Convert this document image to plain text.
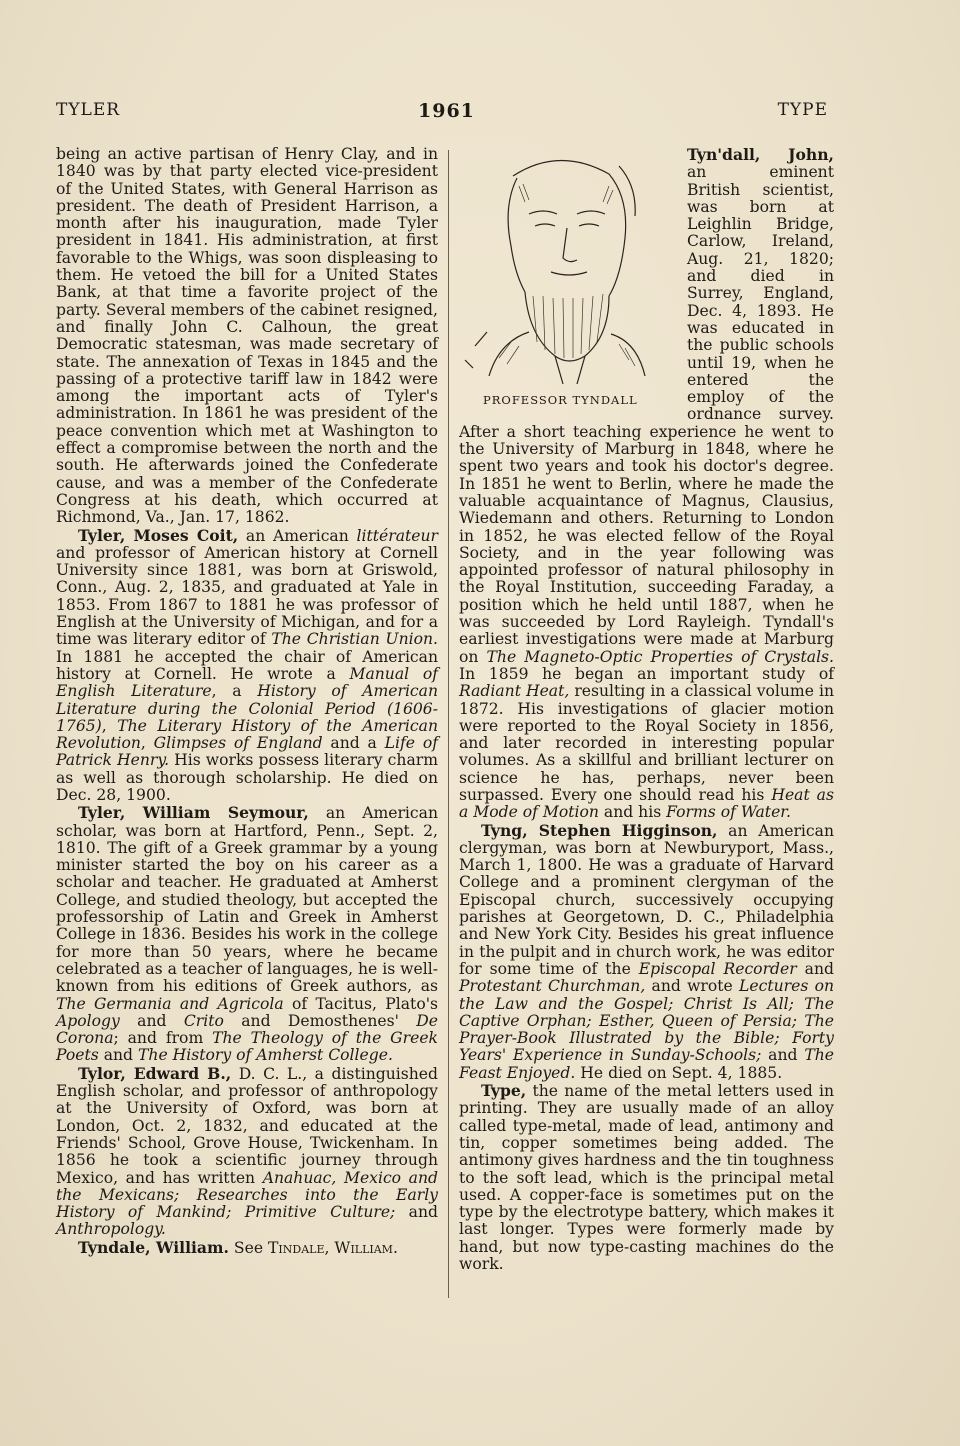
TYLER	1961	TYPE

being an active partisan of Henry Clay, and in 1840 was by that party elected vice-president of the United States, with General Harrison as president. The death of President Harrison, a month after his inauguration, made Tyler president in 1841. His administration, at first favorable to the Whigs, was soon displeasing to them. He vetoed the bill for a United States Bank, at that time a favorite project of the party. Several members of the cabinet resigned, and finally John C. Calhoun, the great Democratic statesman, was made secretary of state. The annexation of Texas in 1845 and the passing of a protective tariff law in 1842 were among the important acts of Tyler's administration. In 1861 he was president of the peace convention which met at Washington to effect a compromise between the north and the south. He afterwards joined the Confederate cause, and was a member of the Confederate Congress at his death, which occurred at Richmond, Va., Jan. 17, 1862.

Tyler, Moses Coit, an American littérateur and professor of American history at Cornell University since 1881, was born at Griswold, Conn., Aug. 2, 1835, and graduated at Yale in 1853. From 1867 to 1881 he was professor of English at the University of Michigan, and for a time was literary editor of The Christian Union. In 1881 he accepted the chair of American history at Cornell. He wrote a Manual of English Literature, a History of American Literature during the Colonial Period (1606-1765), The Literary History of the American Revolution, Glimpses of England and a Life of Patrick Henry. His works possess literary charm as well as thorough scholarship. He died on Dec. 28, 1900.

Tyler, William Seymour, an American scholar, was born at Hartford, Penn., Sept. 2, 1810. The gift of a Greek grammar by a young minister started the boy on his career as a scholar and teacher. He graduated at Amherst College, and studied theology, but accepted the professorship of Latin and Greek in Amherst College in 1836. Besides his work in the college for more than 50 years, where he became celebrated as a teacher of languages, he is well-known from his editions of Greek authors, as The Germania and Agricola of Tacitus, Plato's Apology and Crito and Demosthenes' De Corona; and from The Theology of the Greek Poets and The History of Amherst College.

Tylor, Edward B., D. C. L., a distinguished English scholar, and professor of anthropology at the University of Oxford, was born at London, Oct. 2, 1832, and educated at the Friends' School, Grove House, Twickenham. In 1856 he took a scientific journey through Mexico, and has written Anahuac, Mexico and the Mexicans; Researches into the Early History of Mankind; Primitive Culture; and Anthropology.

Tyndale, William. See Tindale, William.

Tyn'dall, John,
PROFESSOR TYNDALL
an eminent British scientist, was born at Leighlin Bridge, Carlow, Ireland, Aug. 21, 1820; and died in Surrey, England, Dec. 4, 1893. He was educated in the public schools until 19, when he entered the employ of the ordnance survey. After a short teaching experience he went to the University of Marburg in 1848, where he spent two years and took his doctor's degree. In 1851 he went to Berlin, where he made the valuable acquaintance of Magnus, Clausius, Wiedemann and others. Returning to London in 1852, he was elected fellow of the Royal Society, and in the year following was appointed professor of natural philosophy in the Royal Institution, succeeding Faraday, a position which he held until 1887, when he was succeeded by Lord Rayleigh. Tyndall's earliest investigations were made at Marburg on The Magneto-Optic Properties of Crystals. In 1859 he began an important study of Radiant Heat, resulting in a classical volume in 1872. His investigations of glacier motion were reported to the Royal Society in 1856, and later recorded in interesting popular volumes. As a skillful and brilliant lecturer on science he has, perhaps, never been surpassed. Every one should read his Heat as a Mode of Motion and his Forms of Water.

Tyng, Stephen Higginson, an American clergyman, was born at Newburyport, Mass., March 1, 1800. He was a graduate of Harvard College and a prominent clergyman of the Episcopal church, successively occupying parishes at Georgetown, D. C., Philadelphia and New York City. Besides his great influence in the pulpit and in church work, he was editor for some time of the Episcopal Recorder and Protestant Churchman, and wrote Lectures on the Law and the Gospel; Christ Is All; The Captive Orphan; Esther, Queen of Persia; The Prayer-Book Illustrated by the Bible; Forty Years' Experience in Sunday-Schools; and The Feast Enjoyed. He died on Sept. 4, 1885.

Type, the name of the metal letters used in printing. They are usually made of an alloy called type-metal, made of lead, antimony and tin, copper sometimes being added. The antimony gives hardness and the tin toughness to the soft lead, which is the principal metal used. A copper-face is sometimes put on the type by the electrotype battery, which makes it last longer. Types were formerly made by hand, but now type-casting machines do the work.
